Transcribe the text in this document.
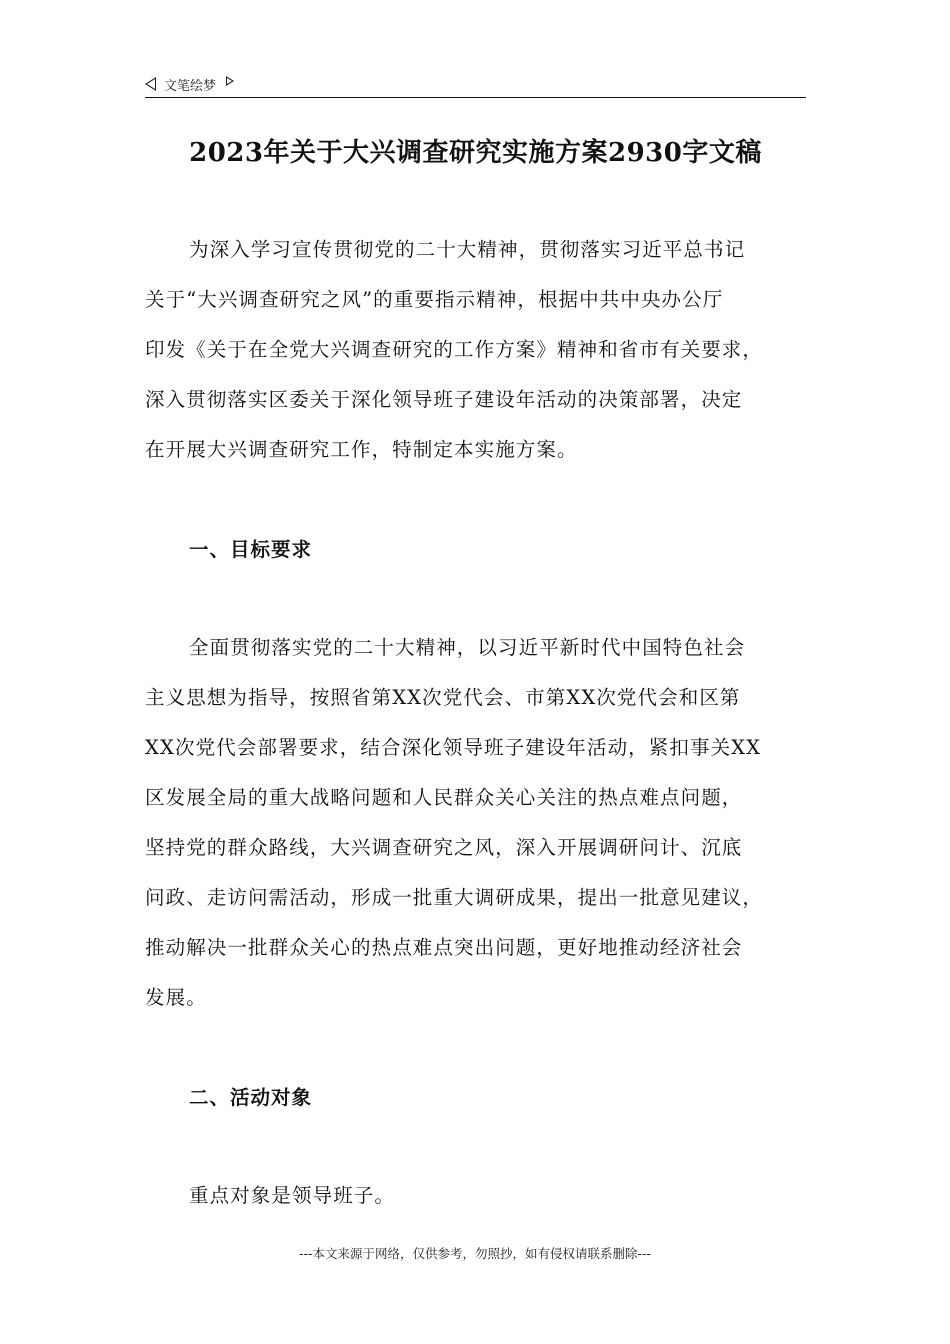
文笔绘梦
2023年关于大兴调查研究实施方案2930字文稿
为深入学习宣传贯彻党的二十大精神，贯彻落实习近平总书记
关于“大兴调查研究之风”的重要指示精神，根据中共中央办公厅
印发《关于在全党大兴调查研究的工作方案》精神和省市有关要求，
深入贯彻落实区委关于深化领导班子建设年活动的决策部署，决定
在开展大兴调查研究工作，特制定本实施方案。
一、目标要求
全面贯彻落实党的二十大精神，以习近平新时代中国特色社会
主义思想为指导，按照省第XX次党代会、市第XX次党代会和区第
XX次党代会部署要求，结合深化领导班子建设年活动，紧扣事关XX
区发展全局的重大战略问题和人民群众关心关注的热点难点问题，
坚持党的群众路线，大兴调查研究之风，深入开展调研问计、沉底
问政、走访问需活动，形成一批重大调研成果，提出一批意见建议，
推动解决一批群众关心的热点难点突出问题，更好地推动经济社会
发展。
二、活动对象
重点对象是领导班子。
---本文来源于网络，仅供参考，勿照抄，如有侵权请联系删除---
